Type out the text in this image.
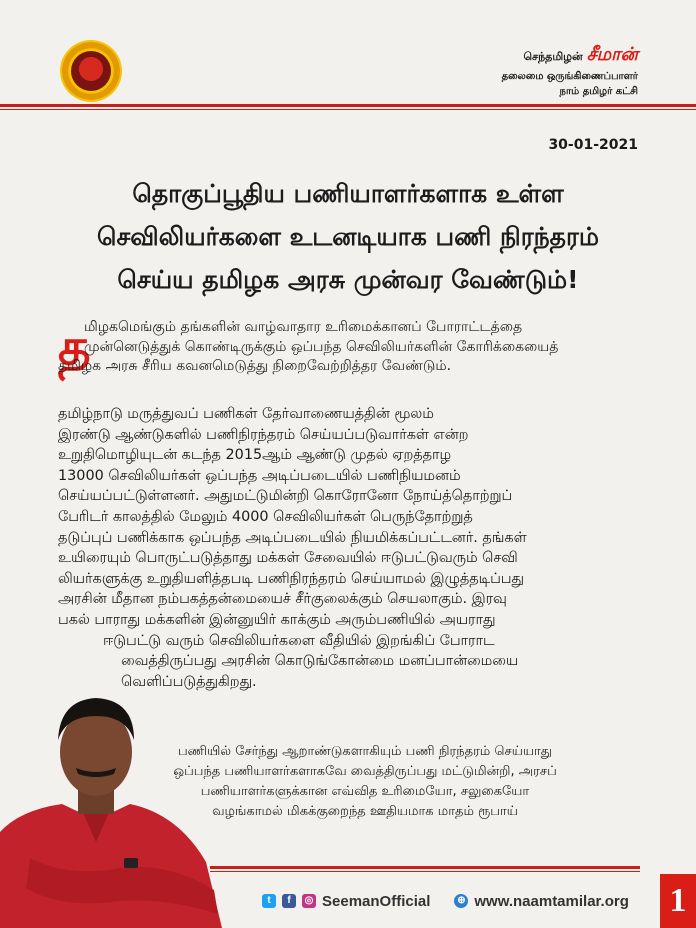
செந்தமிழன் சீமான்
தலைமை ஒருங்கிணைப்பாளர்
நாம் தமிழர் கட்சி
30-01-2021
தொகுப்பூதிய பணியாளர்களாக உள்ள
செவிலியர்களை உடனடியாக பணி நிரந்தரம்
செய்ய தமிழக அரசு முன்வர வேண்டும்!
த
மிழகமெங்கும் தங்களின் வாழ்வாதார உரிமைக்கானப் போராட்டத்தை
முன்னெடுத்துக் கொண்டிருக்கும் ஒப்பந்த செவிலியர்களின் கோரிக்கையைத்
தமிழக அரசு சீரிய கவனமெடுத்து நிறைவேற்றித்தர வேண்டும்.
தமிழ்நாடு மருத்துவப் பணிகள் தேர்வாணையத்தின் மூலம்
இரண்டு ஆண்டுகளில் பணிநிரந்தரம் செய்யப்படுவார்கள் என்ற
உறுதிமொழியுடன் கடந்த 2015ஆம் ஆண்டு முதல் ஏறத்தாழ
13000 செவிலியர்கள் ஒப்பந்த அடிப்படையில் பணிநியமனம்
செய்யப்பட்டுள்ளனர். அதுமட்டுமின்றி கொரோனோ நோய்த்தொற்றுப்
பேரிடர் காலத்தில் மேலும் 4000 செவிலியர்கள் பெருந்தோற்றுத்
தடுப்புப் பணிக்காக ஒப்பந்த அடிப்படையில் நியமிக்கப்பட்டனர். தங்கள்
உயிரையும் பொருட்படுத்தாது மக்கள் சேவையில் ஈடுபட்டுவரும் செவி
லியர்களுக்கு உறுதியளித்தபடி பணிநிரந்தரம் செய்யாமல் இழுத்தடிப்பது
அரசின் மீதான நம்பகத்தன்மையைச் சீர்குலைக்கும் செயலாகும். இரவு
பகல் பாராது மக்களின் இன்னுயிர் காக்கும் அரும்பணியில் அயராது
ஈடுபட்டு வரும் செவிலியர்களை வீதியில் இறங்கிப் போராட
வைத்திருப்பது அரசின் கொடுங்கோன்மை மனப்பான்மையை
வெளிப்படுத்துகிறது.
பணியில் சேர்ந்து ஆறாண்டுகளாகியும் பணி நிரந்தரம் செய்யாது
ஒப்பந்த பணியாளர்களாகவே வைத்திருப்பது மட்டுமின்றி, அரசப்
பணியாளர்களுக்கான எவ்வித உரிமையோ, சலுகையோ
வழங்காமல் மிகக்குறைந்த ஊதியமாக மாதம் ரூபாய்
t	f	◎ SeemanOfficial	⊕ www.naamtamilar.org 1
